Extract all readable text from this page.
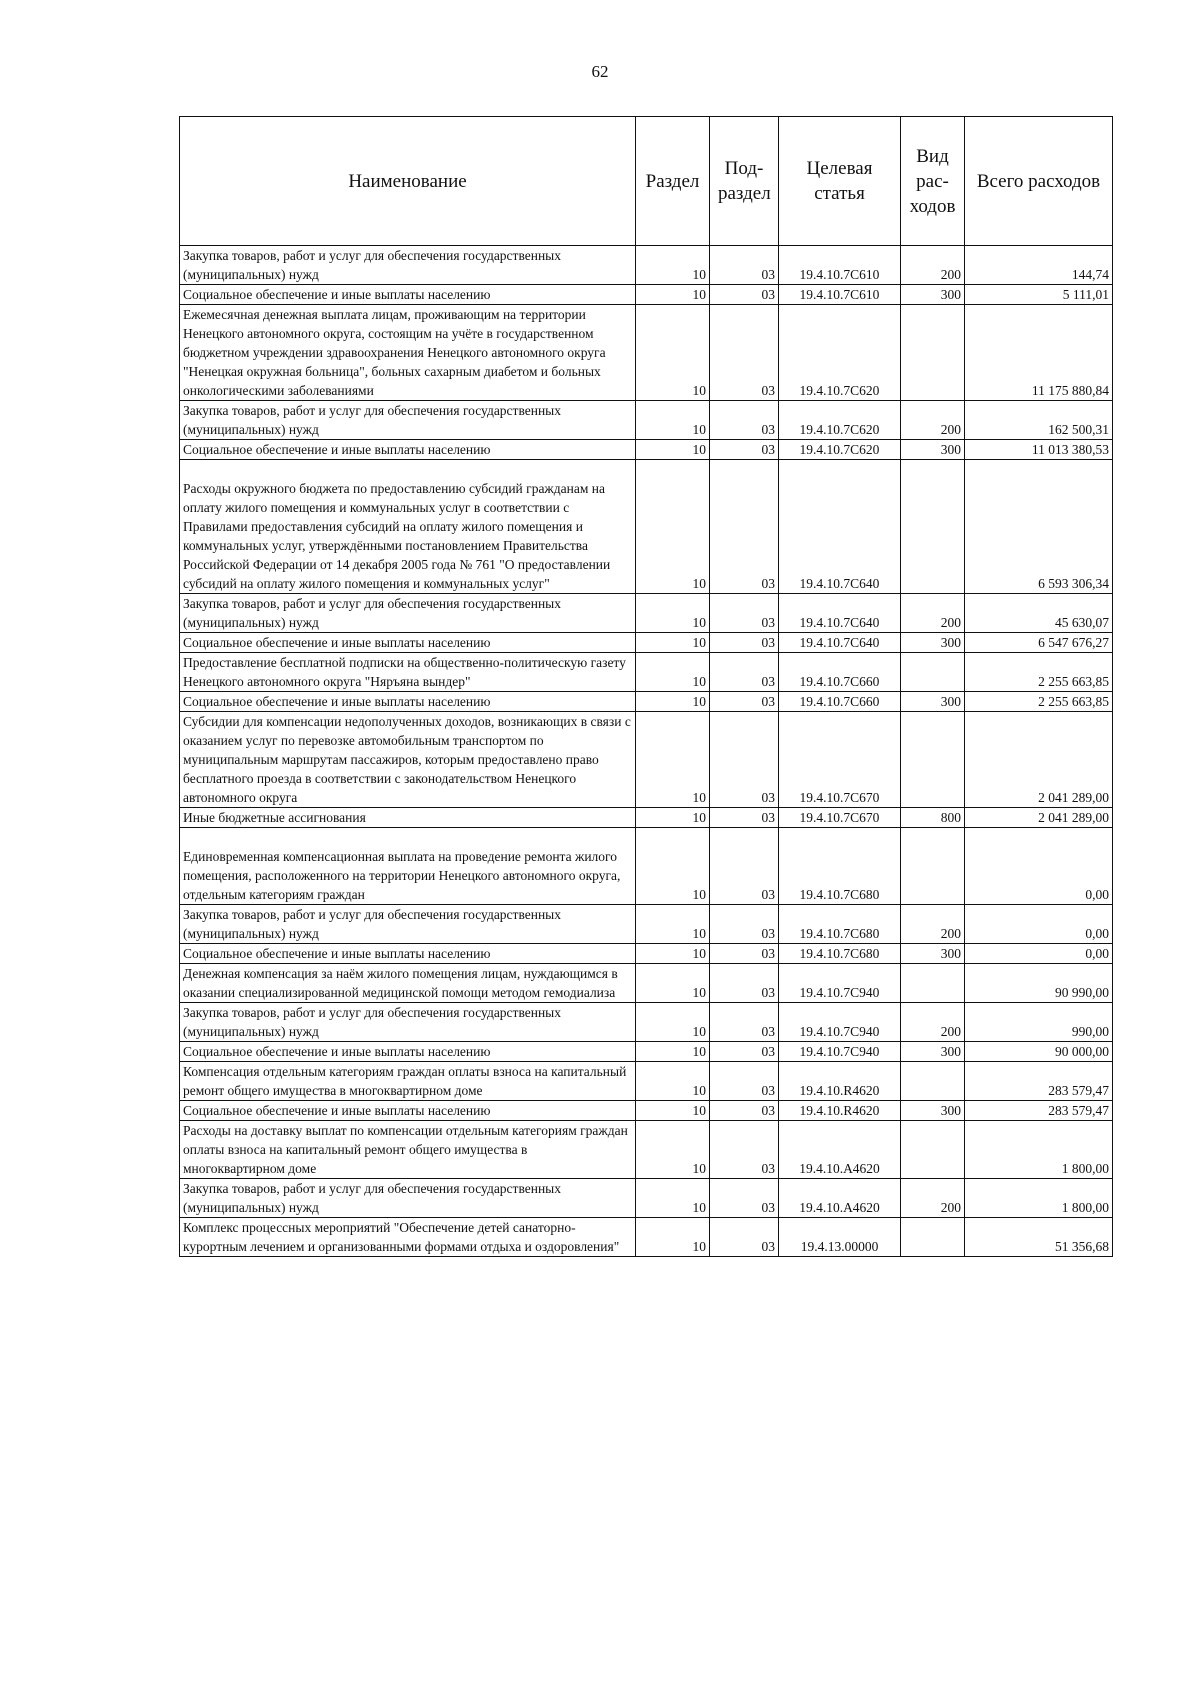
62
Наименование	Раздел	Под-раздел	Целевая статья	Вид рас-ходов	Всего расходов
Закупка товаров, работ и услуг для обеспечения государственных (муниципальных) нужд	10	03	19.4.10.7С610	200	144,74
Социальное обеспечение и иные выплаты населению	10	03	19.4.10.7С610	300	5 111,01
Ежемесячная денежная выплата лицам, проживающим на территории Ненецкого автономного округа, состоящим на учёте в государственном бюджетном учреждении здравоохранения Ненецкого автономного округа "Ненецкая окружная больница", больных сахарным диабетом и больных онкологическими заболеваниями	10	03	19.4.10.7С620		11 175 880,84
Закупка товаров, работ и услуг для обеспечения государственных (муниципальных) нужд	10	03	19.4.10.7С620	200	162 500,31
Социальное обеспечение и иные выплаты населению	10	03	19.4.10.7С620	300	11 013 380,53
Расходы окружного бюджета по предоставлению субсидий гражданам на оплату жилого помещения и коммунальных услуг в соответствии с Правилами предоставления субсидий на оплату жилого помещения и коммунальных услуг, утверждёнными постановлением Правительства Российской Федерации от 14 декабря 2005 года № 761 "О предоставлении субсидий на оплату жилого помещения и коммунальных услуг"	10	03	19.4.10.7С640		6 593 306,34
Закупка товаров, работ и услуг для обеспечения государственных (муниципальных) нужд	10	03	19.4.10.7С640	200	45 630,07
Социальное обеспечение и иные выплаты населению	10	03	19.4.10.7С640	300	6 547 676,27
Предоставление бесплатной подписки на общественно-политическую газету Ненецкого автономного округа "Няръяна вындер"	10	03	19.4.10.7С660		2 255 663,85
Социальное обеспечение и иные выплаты населению	10	03	19.4.10.7С660	300	2 255 663,85
Субсидии для компенсации недополученных доходов, возникающих в связи с оказанием услуг по перевозке автомобильным транспортом по муниципальным маршрутам пассажиров, которым предоставлено право бесплатного проезда в соответствии с законодательством Ненецкого автономного округа	10	03	19.4.10.7С670		2 041 289,00
Иные бюджетные ассигнования	10	03	19.4.10.7С670	800	2 041 289,00
Единовременная компенсационная выплата на проведение ремонта жилого помещения, расположенного на территории Ненецкого автономного округа, отдельным категориям граждан	10	03	19.4.10.7С680		0,00
Закупка товаров, работ и услуг для обеспечения государственных (муниципальных) нужд	10	03	19.4.10.7С680	200	0,00
Социальное обеспечение и иные выплаты населению	10	03	19.4.10.7С680	300	0,00
Денежная компенсация за наём жилого помещения лицам, нуждающимся в оказании специализированной медицинской помощи методом гемодиализа	10	03	19.4.10.7С940		90 990,00
Закупка товаров, работ и услуг для обеспечения государственных (муниципальных) нужд	10	03	19.4.10.7С940	200	990,00
Социальное обеспечение и иные выплаты населению	10	03	19.4.10.7С940	300	90 000,00
Компенсация отдельным категориям граждан оплаты взноса на капитальный ремонт общего имущества в многоквартирном доме	10	03	19.4.10.R4620		283 579,47
Социальное обеспечение и иные выплаты населению	10	03	19.4.10.R4620	300	283 579,47
Расходы на доставку выплат по компенсации отдельным категориям граждан оплаты взноса на капитальный ремонт общего имущества в многоквартирном доме	10	03	19.4.10.А4620		1 800,00
Закупка товаров, работ и услуг для обеспечения государственных (муниципальных) нужд	10	03	19.4.10.А4620	200	1 800,00
Комплекс процессных мероприятий "Обеспечение детей санаторно-курортным лечением и организованными формами отдыха и оздоровления"	10	03	19.4.13.00000		51 356,68
